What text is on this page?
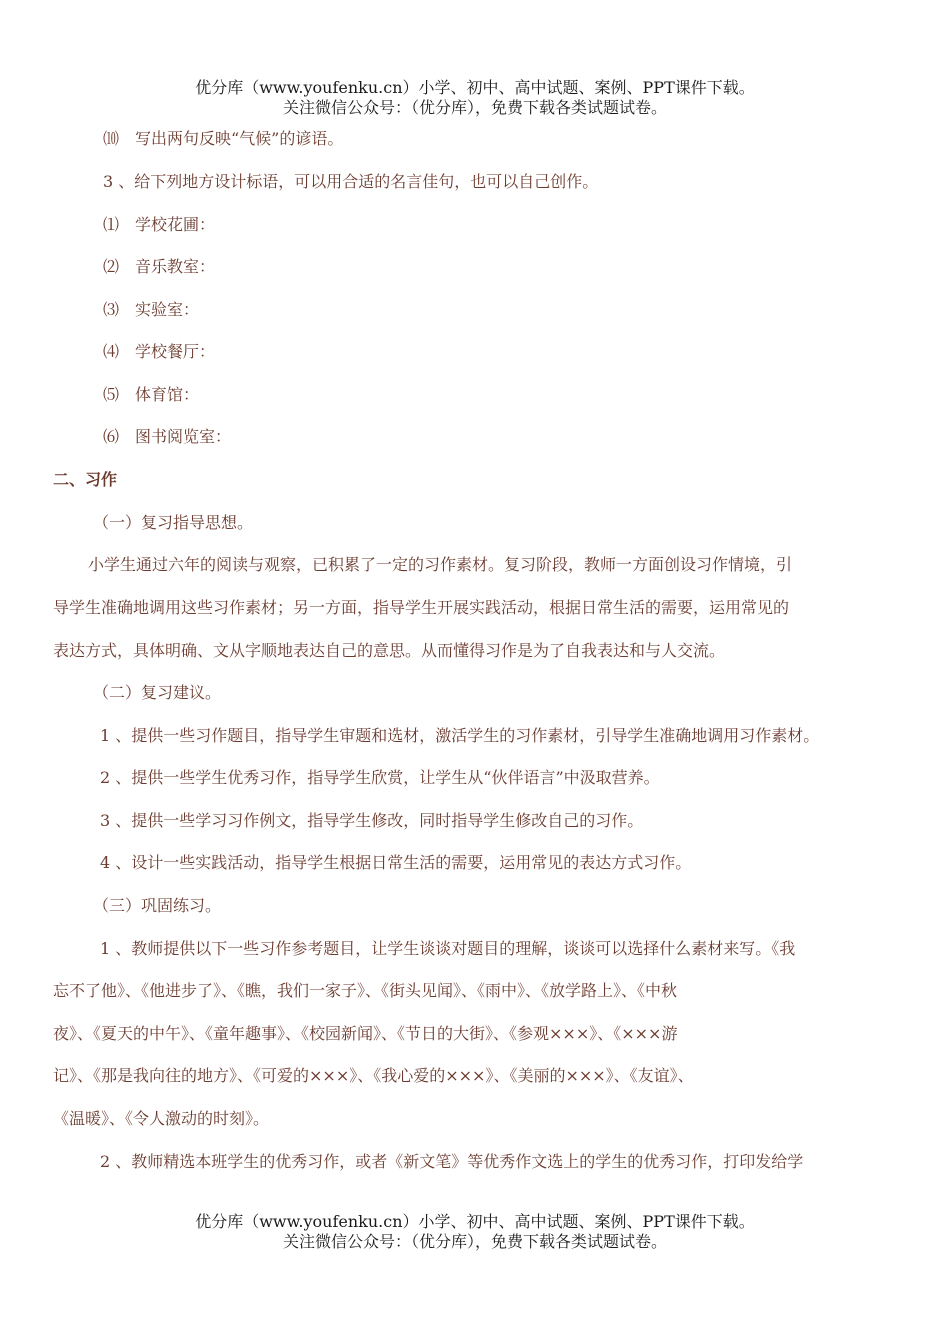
优分库（www.youfenku.cn）小学、初中、高中试题、案例、PPT课件下载。
关注微信公众号：（优分库），免费下载各类试题试卷。
⑽　写出两句反映“气候”的谚语。
3 、给下列地方设计标语，可以用合适的名言佳句，也可以自己创作。
⑴　学校花圃：
⑵　音乐教室：
⑶　实验室：
⑷　学校餐厅：
⑸　体育馆：
⑹　图书阅览室：
二、习作
（一）复习指导思想。
小学生通过六年的阅读与观察，已积累了一定的习作素材。复习阶段，教师一方面创设习作情境，引
导学生准确地调用这些习作素材；另一方面，指导学生开展实践活动，根据日常生活的需要，运用常见的
表达方式，具体明确、文从字顺地表达自己的意思。从而懂得习作是为了自我表达和与人交流。
（二）复习建议。
1 、提供一些习作题目，指导学生审题和选材，激活学生的习作素材，引导学生准确地调用习作素材。
2 、提供一些学生优秀习作，指导学生欣赏，让学生从“伙伴语言”中汲取营养。
3 、提供一些学习习作例文，指导学生修改，同时指导学生修改自己的习作。
4 、设计一些实践活动，指导学生根据日常生活的需要，运用常见的表达方式习作。
（三）巩固练习。
1 、教师提供以下一些习作参考题目，让学生谈谈对题目的理解，谈谈可以选择什么素材来写。《我
忘不了他》、《他进步了》、《瞧，我们一家子》、《街头见闻》、《雨中》、《放学路上》、《中秋
夜》、《夏天的中午》、《童年趣事》、《校园新闻》、《节日的大街》、《参观×××》、《×××游
记》、《那是我向往的地方》、《可爱的×××》、《我心爱的×××》、《美丽的×××》、《友谊》、
《温暖》、《令人激动的时刻》。
2 、教师精选本班学生的优秀习作，或者《新文笔》等优秀作文选上的学生的优秀习作，打印发给学
优分库（www.youfenku.cn）小学、初中、高中试题、案例、PPT课件下载。
关注微信公众号：（优分库），免费下载各类试题试卷。
